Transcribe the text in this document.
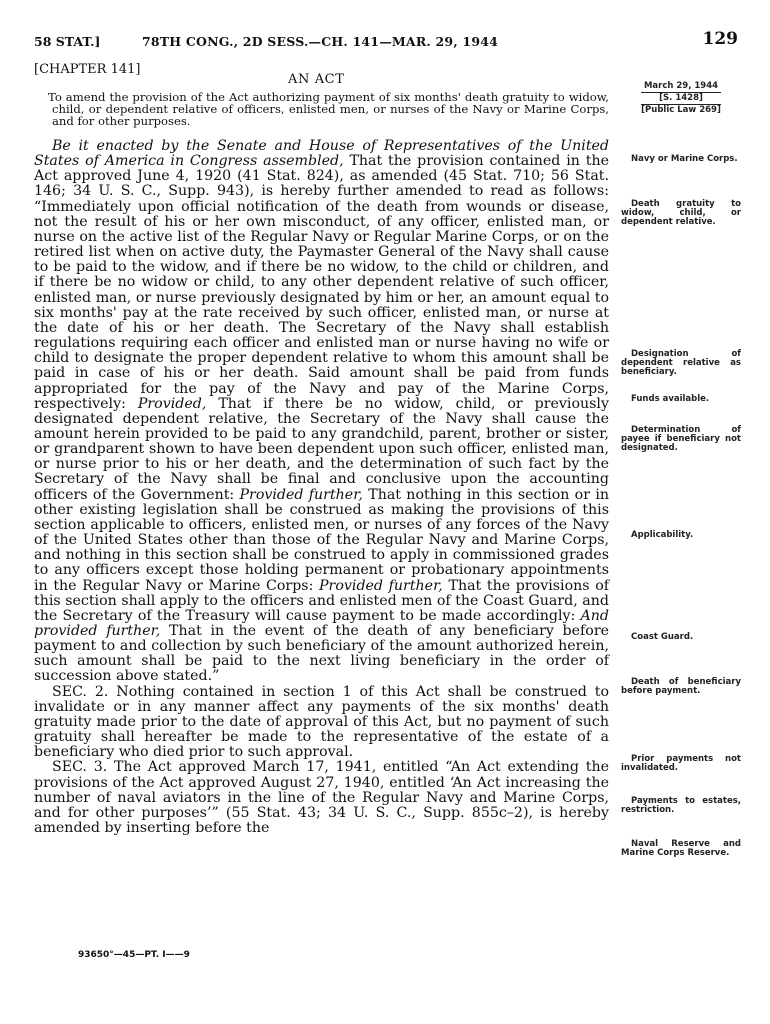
58 STAT.]	78TH CONG., 2D SESS.—CH. 141—MAR. 29, 1944	129
[CHAPTER 141]
AN ACT
To amend the provision of the Act authorizing payment of six months' death gratuity to widow, child, or dependent relative of officers, enlisted men, or nurses of the Navy or Marine Corps, and for other purposes.

Be it enacted by the Senate and House of Representatives of the United States of America in Congress assembled, That the provision contained in the Act approved June 4, 1920 (41 Stat. 824), as amended (45 Stat. 710; 56 Stat. 146; 34 U. S. C., Supp. 943), is hereby further amended to read as follows: “Immediately upon official notification of the death from wounds or disease, not the result of his or her own misconduct, of any officer, enlisted man, or nurse on the active list of the Regular Navy or Regular Marine Corps, or on the retired list when on active duty, the Paymaster General of the Navy shall cause to be paid to the widow, and if there be no widow, to the child or children, and if there be no widow or child, to any other dependent relative of such officer, enlisted man, or nurse previously designated by him or her, an amount equal to six months' pay at the rate received by such officer, enlisted man, or nurse at the date of his or her death. The Secretary of the Navy shall establish regulations requiring each officer and enlisted man or nurse having no wife or child to designate the proper dependent relative to whom this amount shall be paid in case of his or her death. Said amount shall be paid from funds appropriated for the pay of the Navy and pay of the Marine Corps, respectively: Provided, That if there be no widow, child, or previously designated dependent relative, the Secretary of the Navy shall cause the amount herein provided to be paid to any grandchild, parent, brother or sister, or grandparent shown to have been dependent upon such officer, enlisted man, or nurse prior to his or her death, and the determination of such fact by the Secretary of the Navy shall be final and conclusive upon the accounting officers of the Government: Provided further, That nothing in this section or in other existing legislation shall be construed as making the provisions of this section applicable to officers, enlisted men, or nurses of any forces of the Navy of the United States other than those of the Regular Navy and Marine Corps, and nothing in this section shall be construed to apply in commissioned grades to any officers except those holding permanent or probationary appointments in the Regular Navy or Marine Corps: Provided further, That the provisions of this section shall apply to the officers and enlisted men of the Coast Guard, and the Secretary of the Treasury will cause payment to be made accordingly: And provided further, That in the event of the death of any beneficiary before payment to and collection by such beneficiary of the amount authorized herein, such amount shall be paid to the next living beneficiary in the order of succession above stated.”

SEC. 2. Nothing contained in section 1 of this Act shall be construed to invalidate or in any manner affect any payments of the six months' death gratuity made prior to the date of approval of this Act, but no payment of such gratuity shall hereafter be made to the representative of the estate of a beneficiary who died prior to such approval.

SEC. 3. The Act approved March 17, 1941, entitled “An Act extending the provisions of the Act approved August 27, 1940, entitled ‘An Act increasing the number of naval aviators in the line of the Regular Navy and Marine Corps, and for other purposes’” (55 Stat. 43; 34 U. S. C., Supp. 855c–2), is hereby amended by inserting before the

March 29, 1944
[S. 1428]
[Public Law 269]
Navy or Marine Corps.
Death gratuity to widow, child, or dependent relative.
Designation of dependent relative as beneficiary.
Funds available.
Determination of payee if beneficiary not designated.
Applicability.
Coast Guard.
Death of beneficiary before payment.
Prior payments not invalidated.
Payments to estates, restriction.
Naval Reserve and Marine Corps Reserve.
93650°—45—PT. I——9
